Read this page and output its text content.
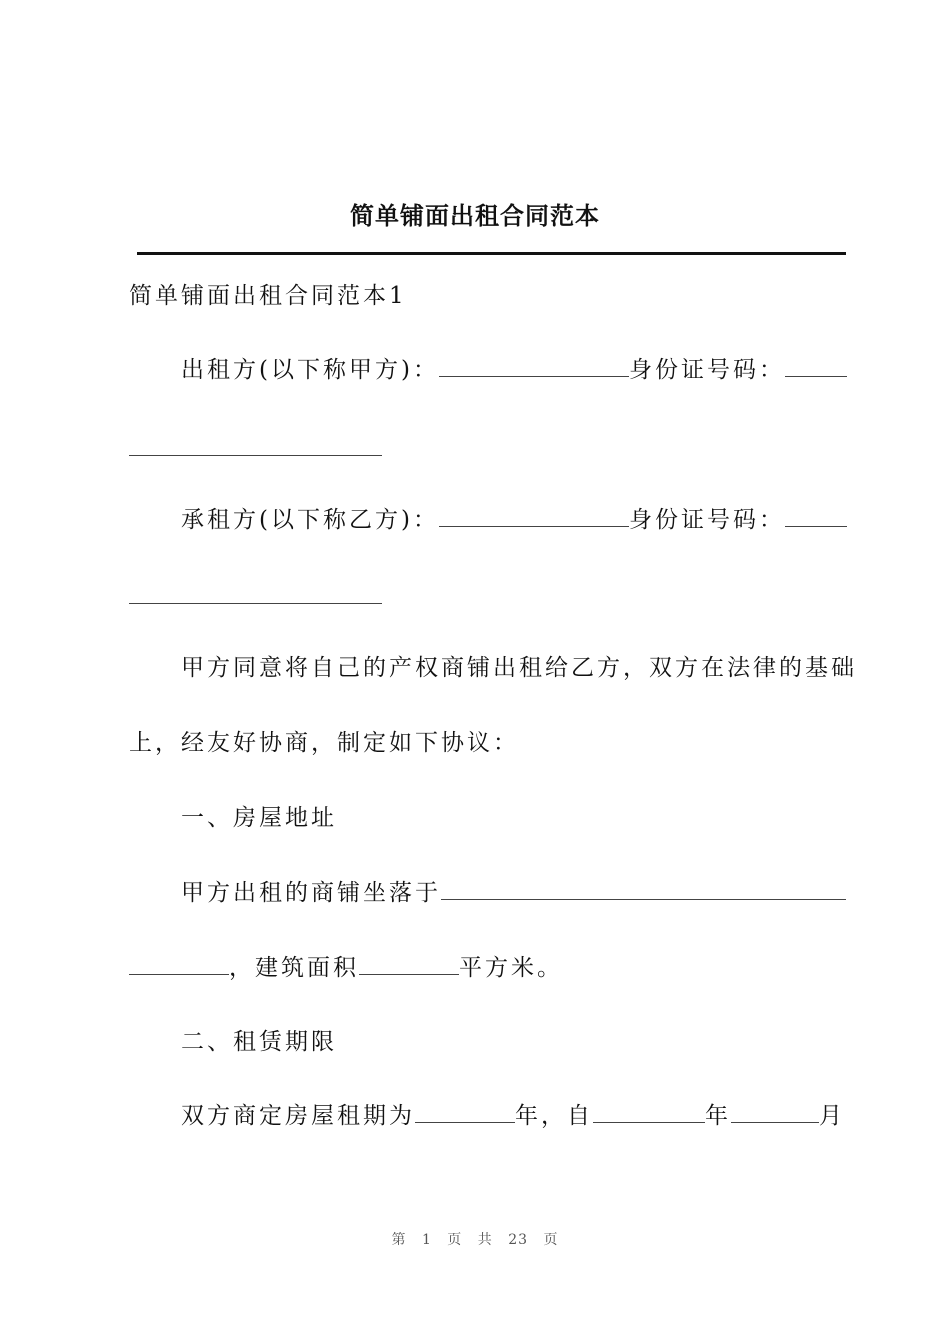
简单铺面出租合同范本
简单铺面出租合同范本1
出租方(以下称甲方)：	身份证号码：
承租方(以下称乙方)：	身份证号码：
甲方同意将自己的产权商铺出租给乙方，双方在法律的基础
上，经友好协商，制定如下协议：
一、房屋地址
甲方出租的商铺坐落于
，建筑面积	平方米。
二、租赁期限
双方商定房屋租期为	年，自	年	月
第 1 页 共 23 页
